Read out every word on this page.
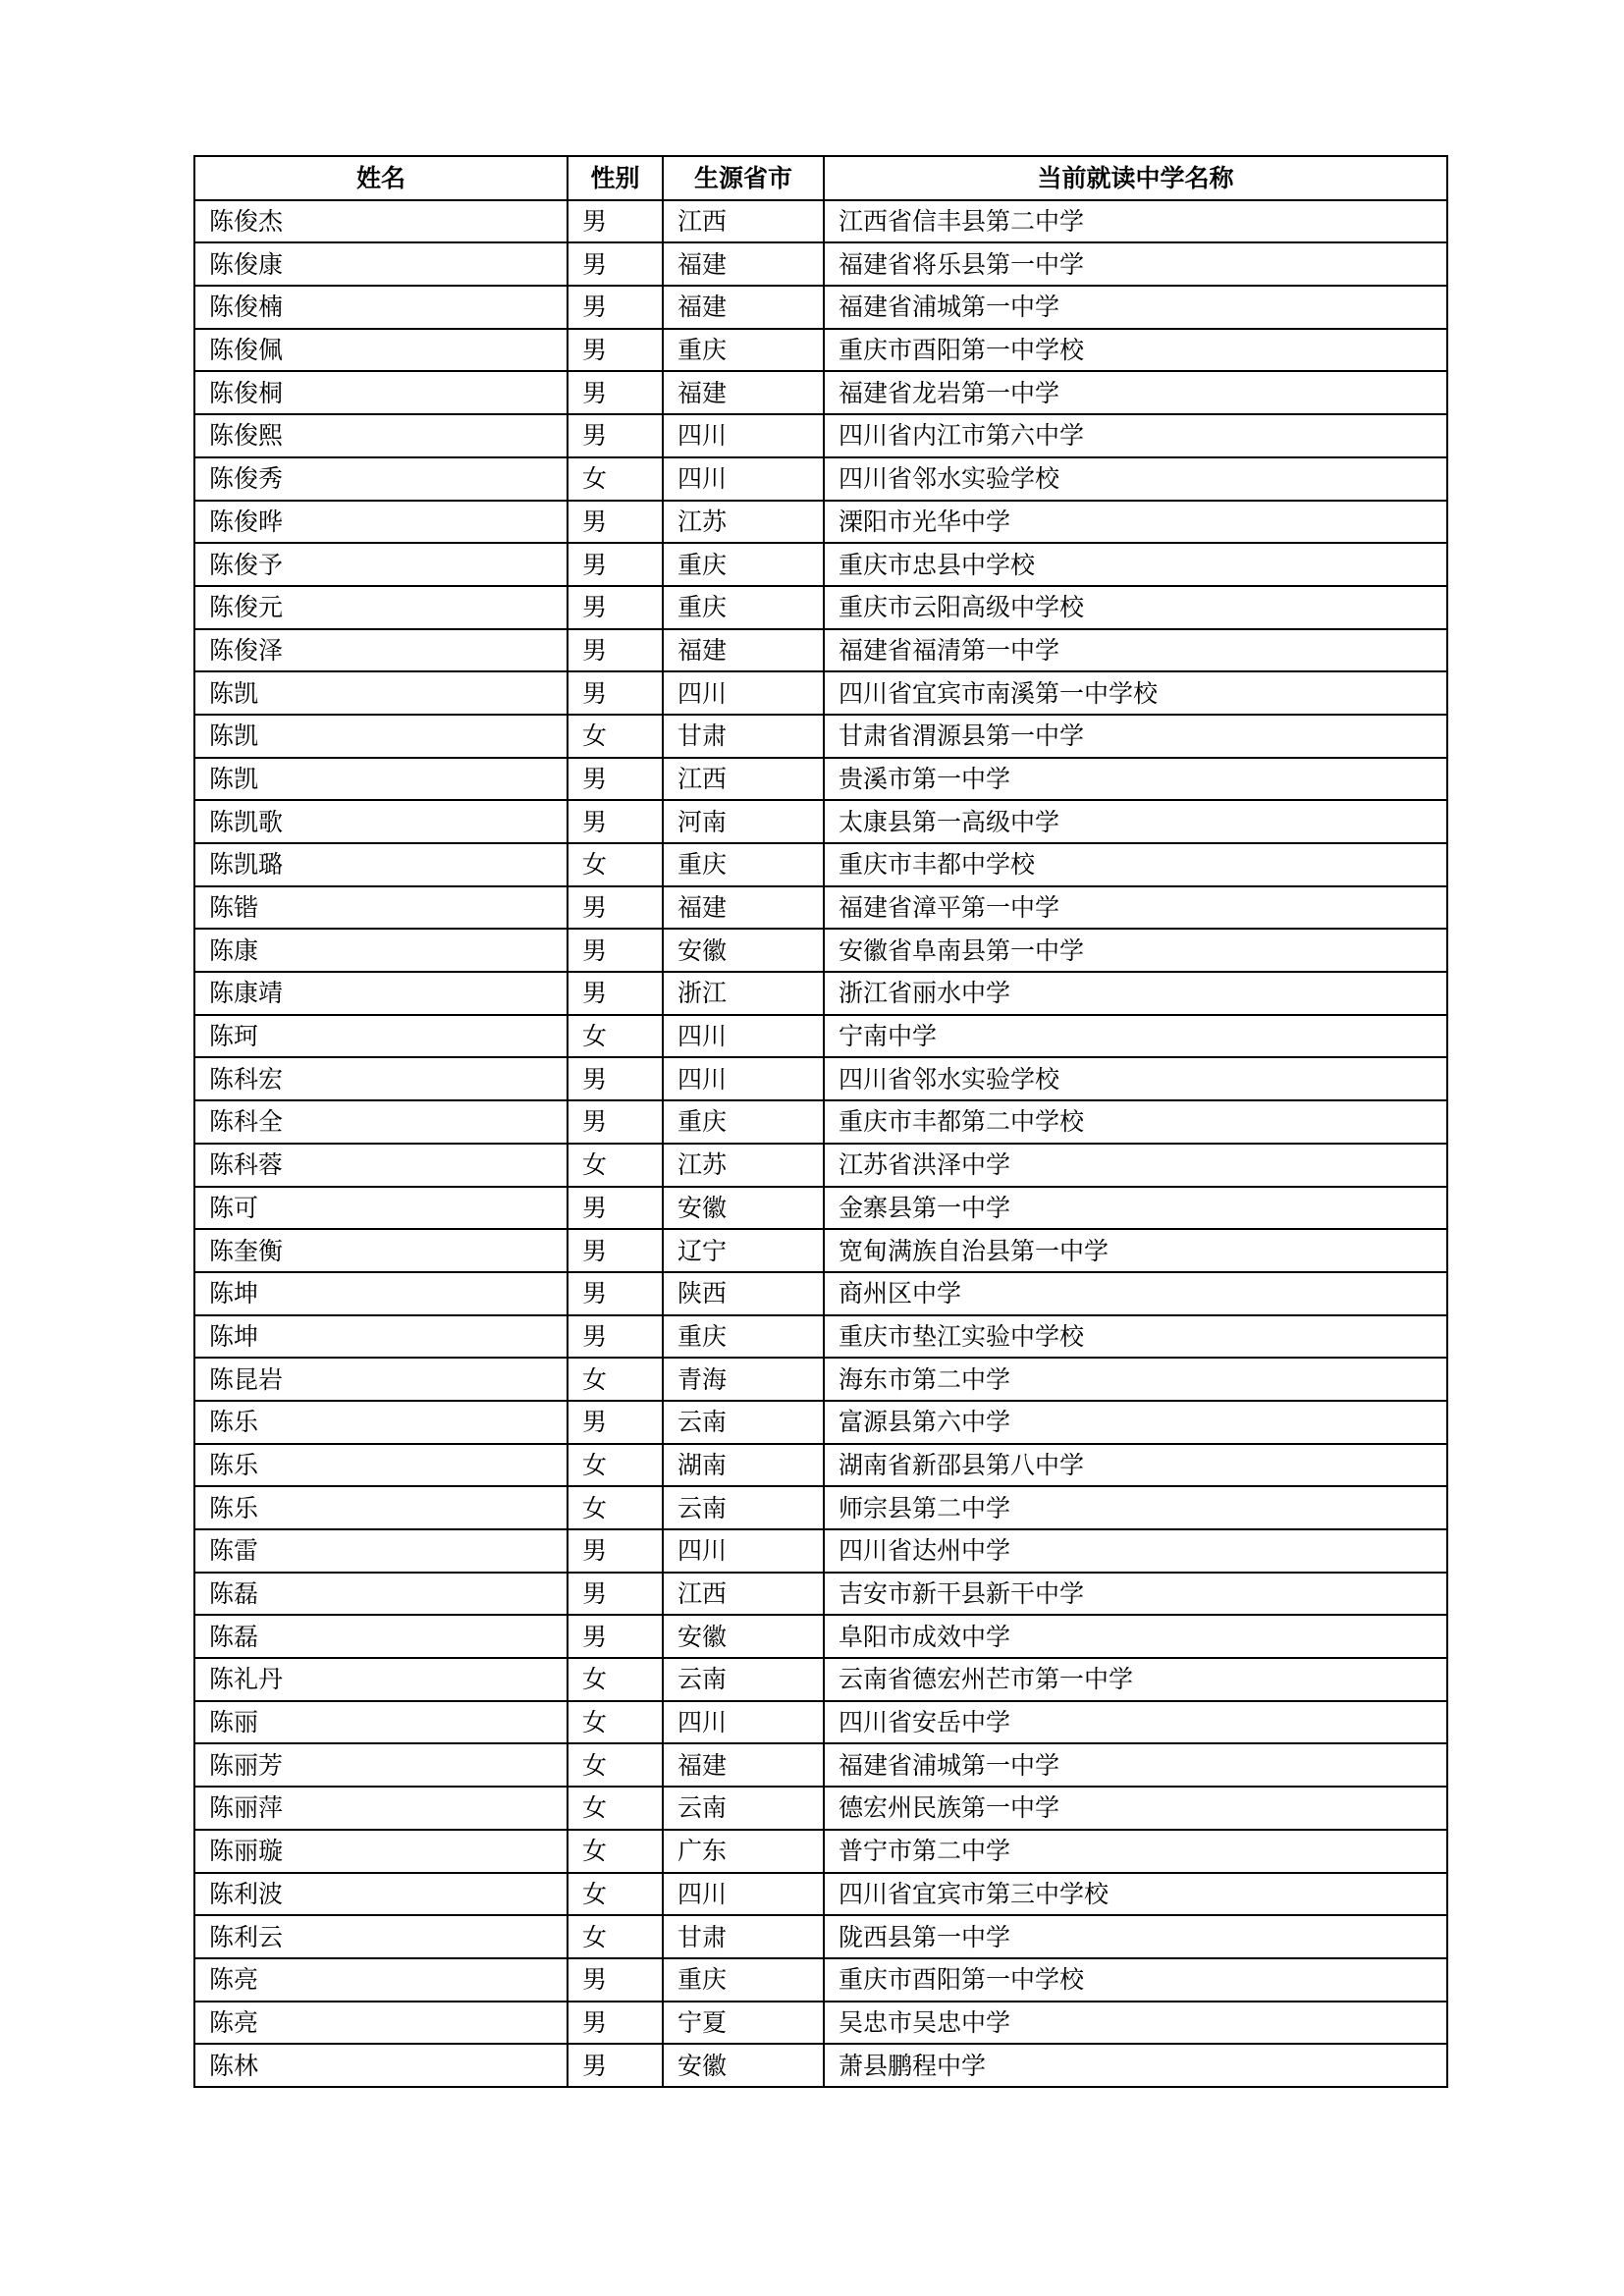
姓名	性别	生源省市	当前就读中学名称
陈俊杰	男	江西	江西省信丰县第二中学
陈俊康	男	福建	福建省将乐县第一中学
陈俊楠	男	福建	福建省浦城第一中学
陈俊佩	男	重庆	重庆市酉阳第一中学校
陈俊桐	男	福建	福建省龙岩第一中学
陈俊熙	男	四川	四川省内江市第六中学
陈俊秀	女	四川	四川省邻水实验学校
陈俊晔	男	江苏	溧阳市光华中学
陈俊予	男	重庆	重庆市忠县中学校
陈俊元	男	重庆	重庆市云阳高级中学校
陈俊泽	男	福建	福建省福清第一中学
陈凯	男	四川	四川省宜宾市南溪第一中学校
陈凯	女	甘肃	甘肃省渭源县第一中学
陈凯	男	江西	贵溪市第一中学
陈凯歌	男	河南	太康县第一高级中学
陈凯璐	女	重庆	重庆市丰都中学校
陈锴	男	福建	福建省漳平第一中学
陈康	男	安徽	安徽省阜南县第一中学
陈康靖	男	浙江	浙江省丽水中学
陈珂	女	四川	宁南中学
陈科宏	男	四川	四川省邻水实验学校
陈科全	男	重庆	重庆市丰都第二中学校
陈科蓉	女	江苏	江苏省洪泽中学
陈可	男	安徽	金寨县第一中学
陈奎衡	男	辽宁	宽甸满族自治县第一中学
陈坤	男	陕西	商州区中学
陈坤	男	重庆	重庆市垫江实验中学校
陈昆岩	女	青海	海东市第二中学
陈乐	男	云南	富源县第六中学
陈乐	女	湖南	湖南省新邵县第八中学
陈乐	女	云南	师宗县第二中学
陈雷	男	四川	四川省达州中学
陈磊	男	江西	吉安市新干县新干中学
陈磊	男	安徽	阜阳市成效中学
陈礼丹	女	云南	云南省德宏州芒市第一中学
陈丽	女	四川	四川省安岳中学
陈丽芳	女	福建	福建省浦城第一中学
陈丽萍	女	云南	德宏州民族第一中学
陈丽璇	女	广东	普宁市第二中学
陈利波	女	四川	四川省宜宾市第三中学校
陈利云	女	甘肃	陇西县第一中学
陈亮	男	重庆	重庆市酉阳第一中学校
陈亮	男	宁夏	吴忠市吴忠中学
陈林	男	安徽	萧县鹏程中学
